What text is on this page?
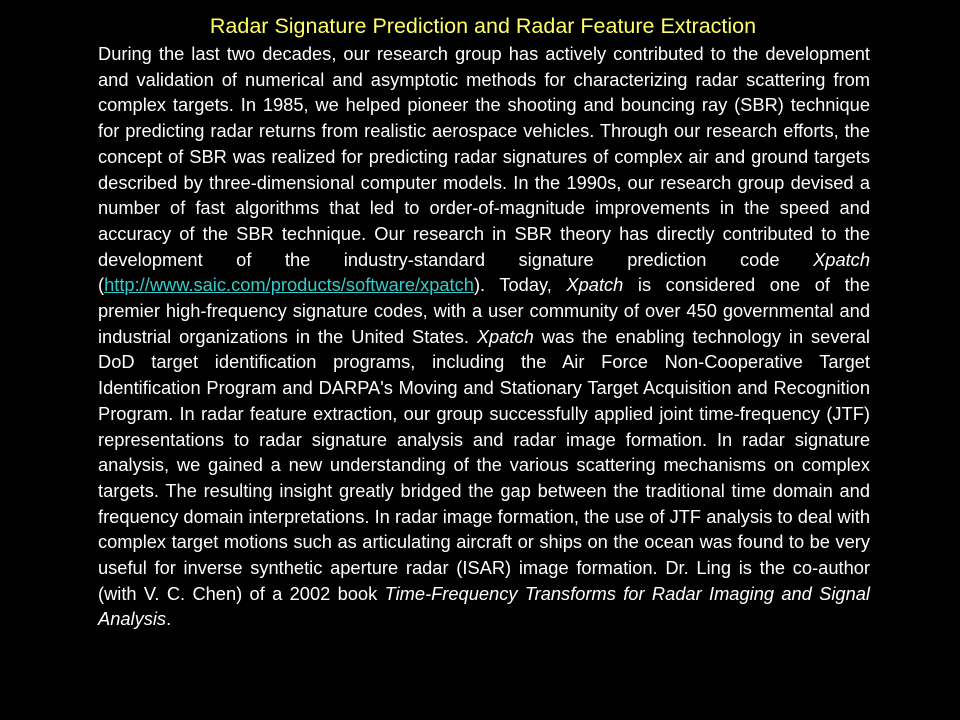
Radar Signature Prediction and Radar Feature Extraction

During the last two decades, our research group has actively contributed to the development and validation of numerical and asymptotic methods for characterizing radar scattering from complex targets. In 1985, we helped pioneer the shooting and bouncing ray (SBR) technique for predicting radar returns from realistic aerospace vehicles. Through our research efforts, the concept of SBR was realized for predicting radar signatures of complex air and ground targets described by three-dimensional computer models. In the 1990s, our research group devised a number of fast algorithms that led to order-of-magnitude improvements in the speed and accuracy of the SBR technique. Our research in SBR theory has directly contributed to the development of the industry-standard signature prediction code Xpatch (http://www.saic.com/products/software/xpatch). Today, Xpatch is considered one of the premier high-frequency signature codes, with a user community of over 450 governmental and industrial organizations in the United States. Xpatch was the enabling technology in several DoD target identification programs, including the Air Force Non-Cooperative Target Identification Program and DARPA's Moving and Stationary Target Acquisition and Recognition Program. In radar feature extraction, our group successfully applied joint time-frequency (JTF) representations to radar signature analysis and radar image formation. In radar signature analysis, we gained a new understanding of the various scattering mechanisms on complex targets. The resulting insight greatly bridged the gap between the traditional time domain and frequency domain interpretations. In radar image formation, the use of JTF analysis to deal with complex target motions such as articulating aircraft or ships on the ocean was found to be very useful for inverse synthetic aperture radar (ISAR) image formation. Dr. Ling is the co-author (with V. C. Chen) of a 2002 book Time-Frequency Transforms for Radar Imaging and Signal Analysis.
